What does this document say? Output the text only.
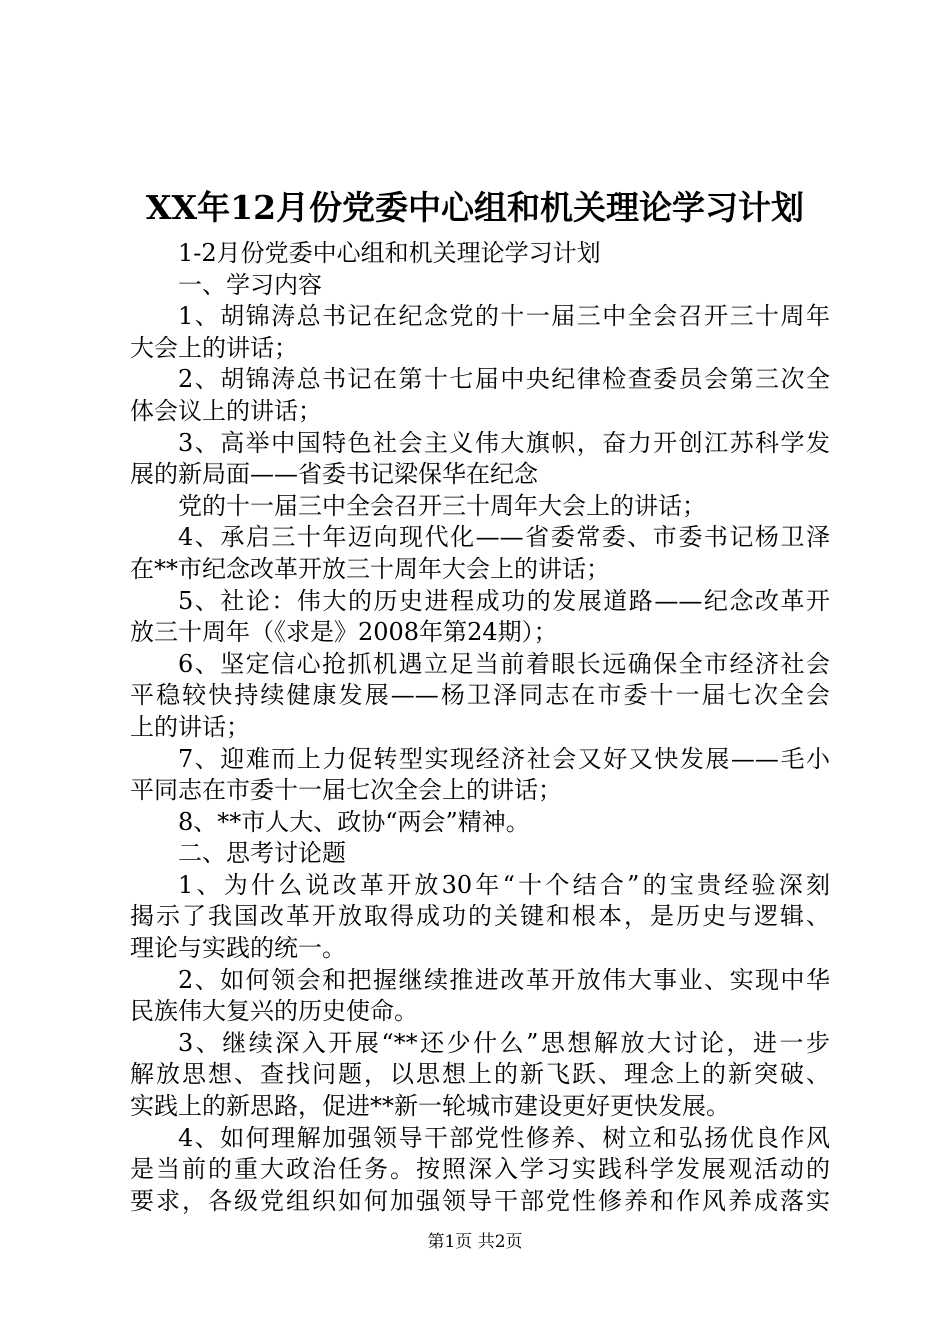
XX年12月份党委中心组和机关理论学习计划
1-2月份党委中心组和机关理论学习计划
一、学习内容
1、胡锦涛总书记在纪念党的十一届三中全会召开三十周年
大会上的讲话；
2、胡锦涛总书记在第十七届中央纪律检查委员会第三次全
体会议上的讲话；
3、高举中国特色社会主义伟大旗帜，奋力开创江苏科学发
展的新局面——省委书记梁保华在纪念
党的十一届三中全会召开三十周年大会上的讲话；
4、承启三十年迈向现代化——省委常委、市委书记杨卫泽
在**市纪念改革开放三十周年大会上的讲话；
5、社论：伟大的历史进程成功的发展道路——纪念改革开
放三十周年（《求是》2008年第24期）；
6、坚定信心抢抓机遇立足当前着眼长远确保全市经济社会
平稳较快持续健康发展——杨卫泽同志在市委十一届七次全会
上的讲话；
7、迎难而上力促转型实现经济社会又好又快发展——毛小
平同志在市委十一届七次全会上的讲话；
8、**市人大、政协“两会”精神。
二、思考讨论题
1、为什么说改革开放30年“十个结合”的宝贵经验深刻
揭示了我国改革开放取得成功的关键和根本，是历史与逻辑、
理论与实践的统一。
2、如何领会和把握继续推进改革开放伟大事业、实现中华
民族伟大复兴的历史使命。
3、继续深入开展“**还少什么”思想解放大讨论，进一步
解放思想、查找问题，以思想上的新飞跃、理念上的新突破、
实践上的新思路，促进**新一轮城市建设更好更快发展。
4、如何理解加强领导干部党性修养、树立和弘扬优良作风
是当前的重大政治任务。按照深入学习实践科学发展观活动的
要求，各级党组织如何加强领导干部党性修养和作风养成落实
第1页 共2页
